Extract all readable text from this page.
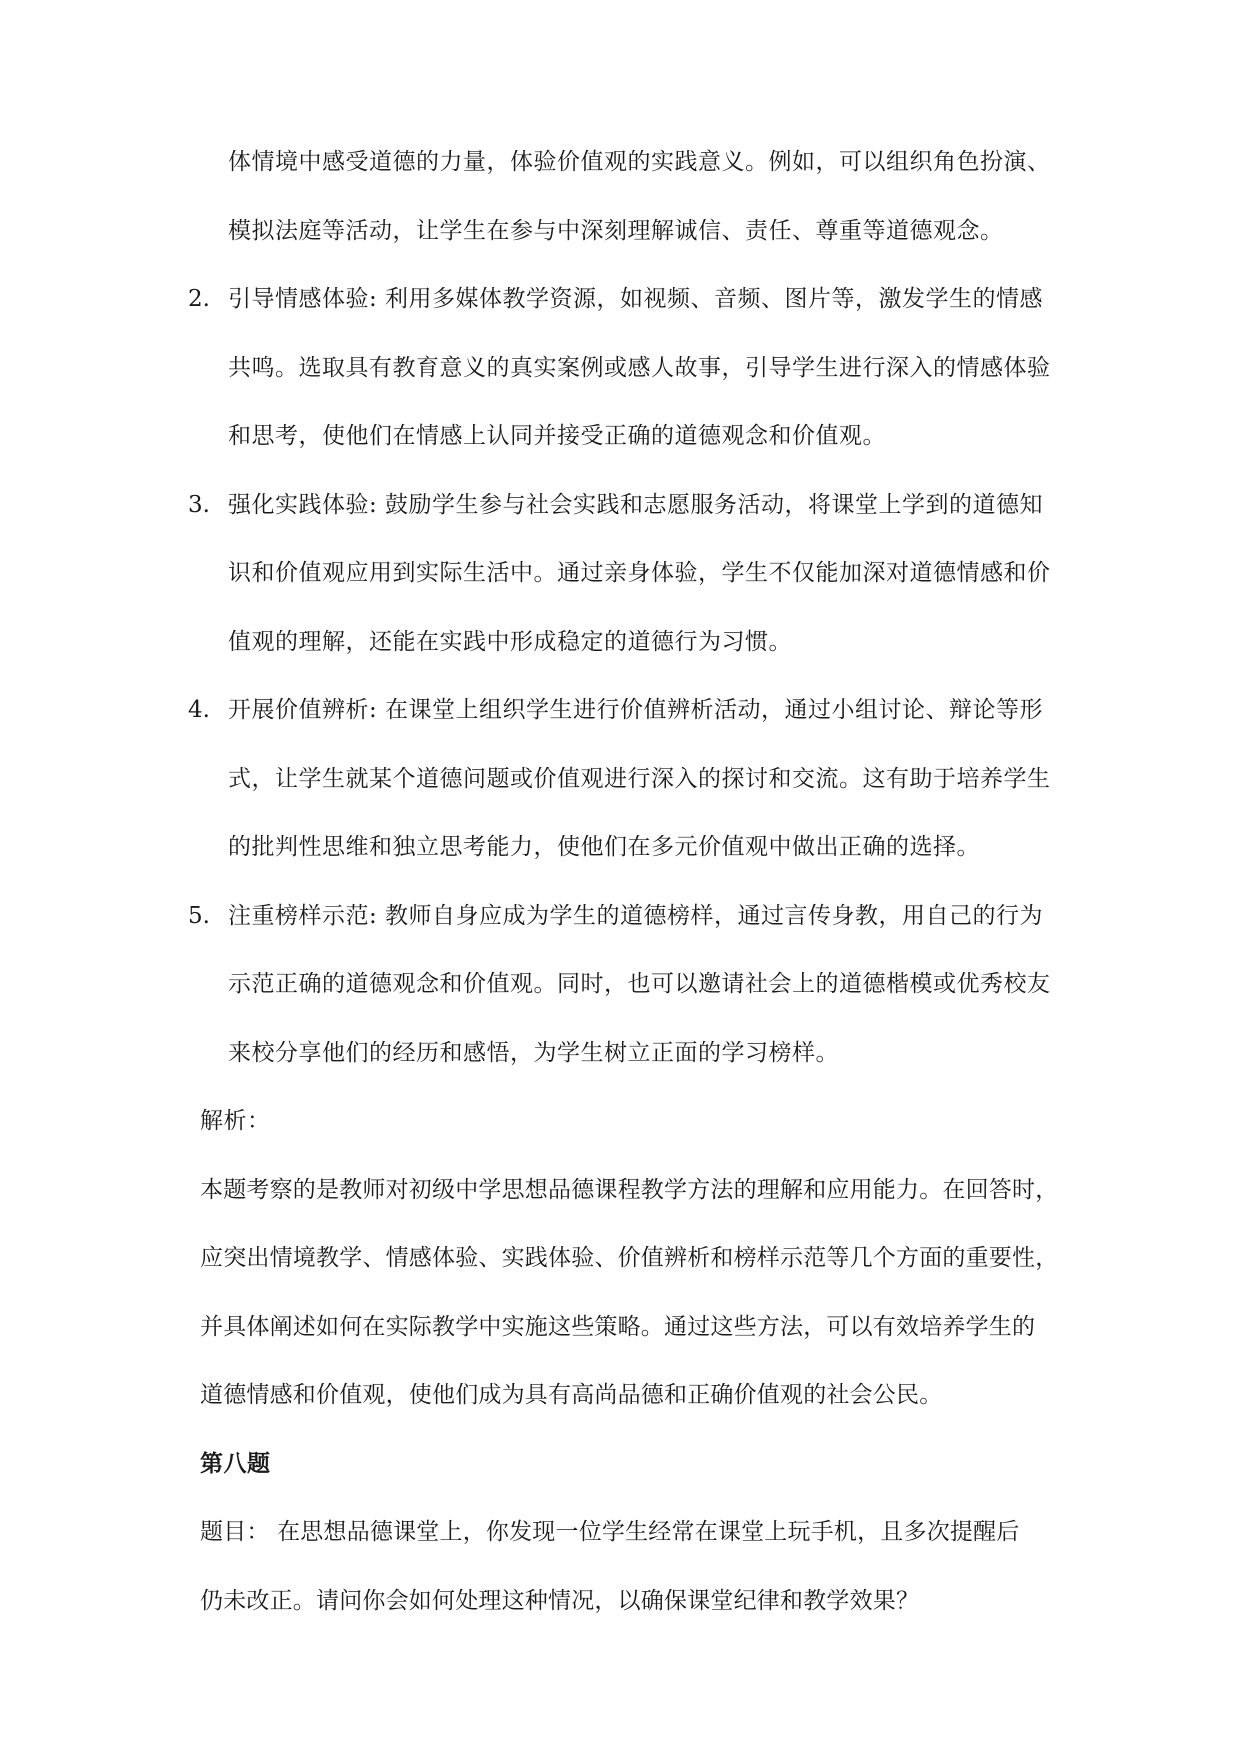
体情境中感受道德的力量，体验价值观的实践意义。例如，可以组织角色扮演、
模拟法庭等活动，让学生在参与中深刻理解诚信、责任、尊重等道德观念。
2. 引导情感体验: 利用多媒体教学资源，如视频、音频、图片等，激发学生的情感
共鸣。选取具有教育意义的真实案例或感人故事，引导学生进行深入的情感体验
和思考，使他们在情感上认同并接受正确的道德观念和价值观。
3. 强化实践体验: 鼓励学生参与社会实践和志愿服务活动，将课堂上学到的道德知
识和价值观应用到实际生活中。通过亲身体验，学生不仅能加深对道德情感和价
值观的理解，还能在实践中形成稳定的道德行为习惯。
4. 开展价值辨析: 在课堂上组织学生进行价值辨析活动，通过小组讨论、辩论等形
式，让学生就某个道德问题或价值观进行深入的探讨和交流。这有助于培养学生
的批判性思维和独立思考能力，使他们在多元价值观中做出正确的选择。
5. 注重榜样示范: 教师自身应成为学生的道德榜样，通过言传身教，用自己的行为
示范正确的道德观念和价值观。同时，也可以邀请社会上的道德楷模或优秀校友
来校分享他们的经历和感悟，为学生树立正面的学习榜样。
解析：
本题考察的是教师对初级中学思想品德课程教学方法的理解和应用能力。在回答时，
应突出情境教学、情感体验、实践体验、价值辨析和榜样示范等几个方面的重要性，
并具体阐述如何在实际教学中实施这些策略。通过这些方法，可以有效培养学生的
道德情感和价值观，使他们成为具有高尚品德和正确价值观的社会公民。
第八题
题目： 在思想品德课堂上，你发现一位学生经常在课堂上玩手机，且多次提醒后
仍未改正。请问你会如何处理这种情况，以确保课堂纪律和教学效果？
